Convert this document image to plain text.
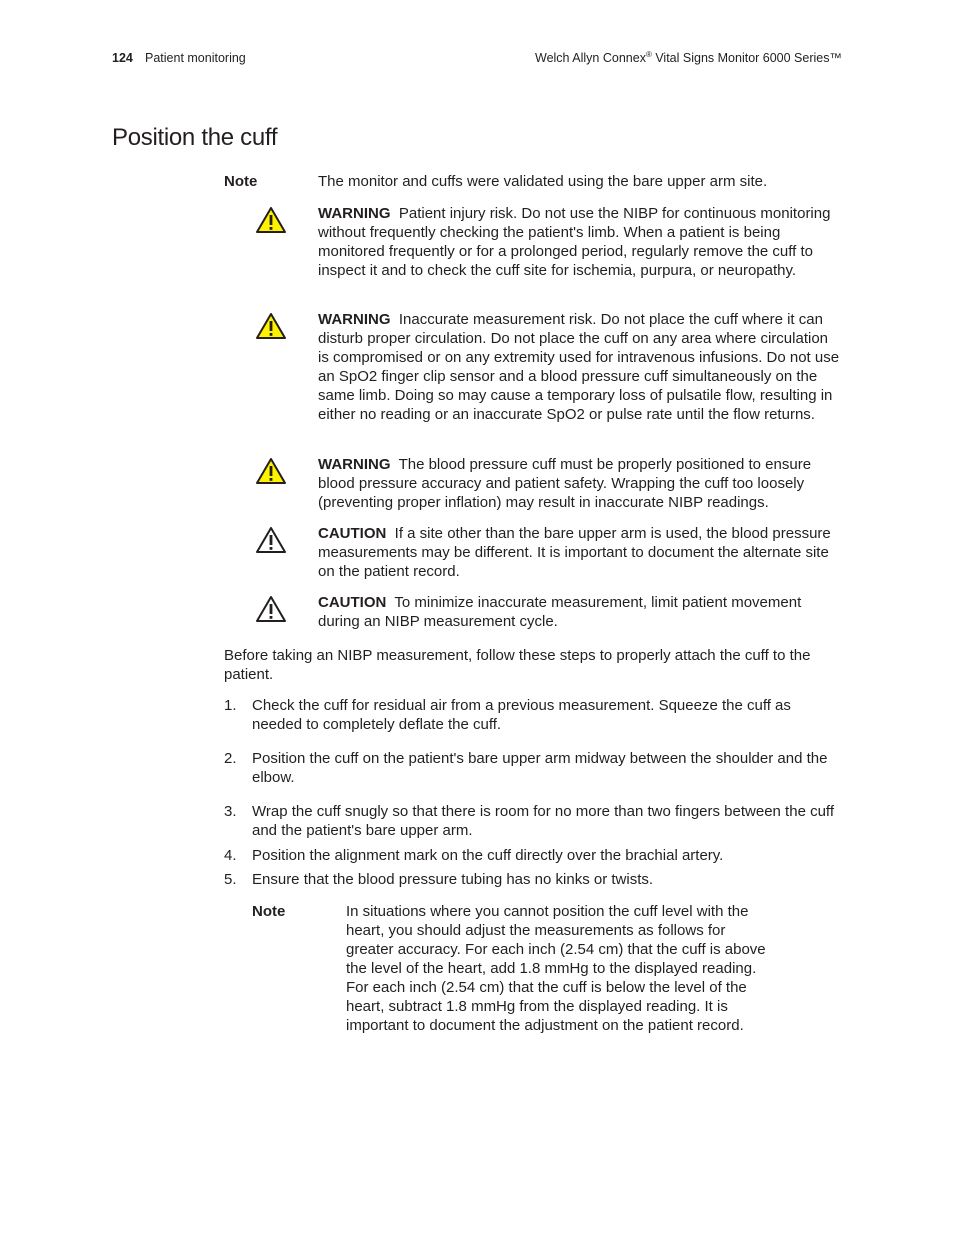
124 Patient monitoring	Welch Allyn Connex® Vital Signs Monitor 6000 Series™
Position the cuff
Note	The monitor and cuffs were validated using the bare upper arm site.

WARNING Patient injury risk. Do not use the NIBP for continuous monitoring without frequently checking the patient's limb. When a patient is being monitored frequently or for a prolonged period, regularly remove the cuff to inspect it and to check the cuff site for ischemia, purpura, or neuropathy.

WARNING Inaccurate measurement risk. Do not place the cuff where it can disturb proper circulation. Do not place the cuff on any area where circulation is compromised or on any extremity used for intravenous infusions. Do not use an SpO2 finger clip sensor and a blood pressure cuff simultaneously on the same limb. Doing so may cause a temporary loss of pulsatile flow, resulting in either no reading or an inaccurate SpO2 or pulse rate until the flow returns.

WARNING The blood pressure cuff must be properly positioned to ensure blood pressure accuracy and patient safety. Wrapping the cuff too loosely (preventing proper inflation) may result in inaccurate NIBP readings.

CAUTION If a site other than the bare upper arm is used, the blood pressure measurements may be different. It is important to document the alternate site on the patient record.

CAUTION To minimize inaccurate measurement, limit patient movement during an NIBP measurement cycle.

Before taking an NIBP measurement, follow these steps to properly attach the cuff to the patient.

1. Check the cuff for residual air from a previous measurement. Squeeze the cuff as needed to completely deflate the cuff.

2. Position the cuff on the patient's bare upper arm midway between the shoulder and the elbow.

3. Wrap the cuff snugly so that there is room for no more than two fingers between the cuff and the patient's bare upper arm.

4. Position the alignment mark on the cuff directly over the brachial artery.

5. Ensure that the blood pressure tubing has no kinks or twists.

Note	In situations where you cannot position the cuff level with the heart, you should adjust the measurements as follows for greater accuracy. For each inch (2.54 cm) that the cuff is above the level of the heart, add 1.8 mmHg to the displayed reading. For each inch (2.54 cm) that the cuff is below the level of the heart, subtract 1.8 mmHg from the displayed reading. It is important to document the adjustment on the patient record.
